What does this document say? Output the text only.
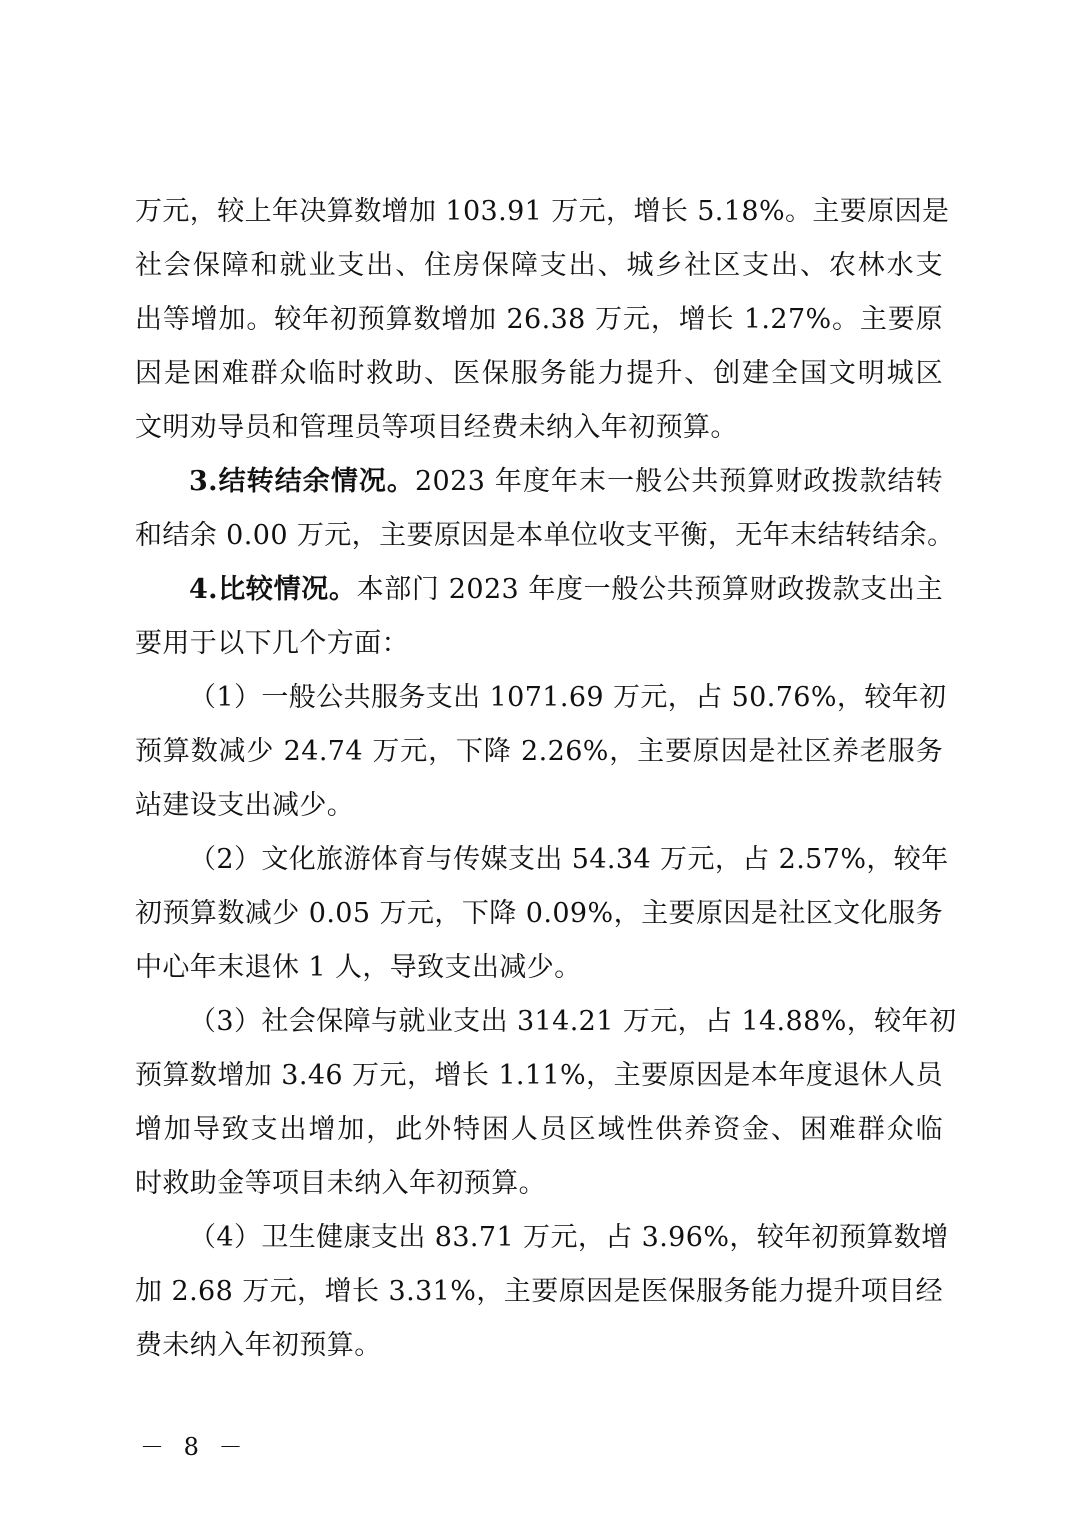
万元，较上年决算数增加 103.91 万元，增长 5.18%。主要原因是
社会保障和就业支出、住房保障支出、城乡社区支出、农林水支
出等增加。较年初预算数增加 26.38 万元，增长 1.27%。主要原
因是困难群众临时救助、医保服务能力提升、创建全国文明城区
文明劝导员和管理员等项目经费未纳入年初预算。
3.结转结余情况。2023 年度年末一般公共预算财政拨款结转
和结余 0.00 万元，主要原因是本单位收支平衡，无年末结转结余。
4.比较情况。本部门 2023 年度一般公共预算财政拨款支出主
要用于以下几个方面：
（1）一般公共服务支出 1071.69 万元，占 50.76%，较年初
预算数减少 24.74 万元，下降 2.26%，主要原因是社区养老服务
站建设支出减少。
（2）文化旅游体育与传媒支出 54.34 万元，占 2.57%，较年
初预算数减少 0.05 万元，下降 0.09%，主要原因是社区文化服务
中心年末退休 1 人，导致支出减少。
（3）社会保障与就业支出 314.21 万元，占 14.88%，较年初
预算数增加 3.46 万元，增长 1.11%，主要原因是本年度退休人员
增加导致支出增加，此外特困人员区域性供养资金、困难群众临
时救助金等项目未纳入年初预算。
（4）卫生健康支出 83.71 万元，占 3.96%，较年初预算数增
加 2.68 万元，增长 3.31%，主要原因是医保服务能力提升项目经
费未纳入年初预算。
－ 8 －
